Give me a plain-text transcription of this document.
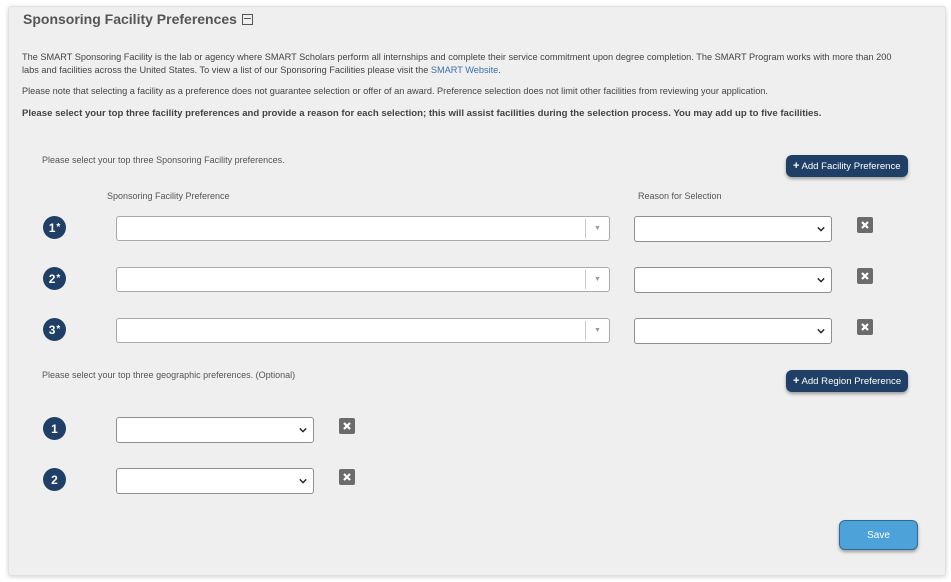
Sponsoring Facility Preferences
The SMART Sponsoring Facility is the lab or agency where SMART Scholars perform all internships and complete their service commitment upon degree completion. The SMART Program works with more than 200 labs and facilities across the United States. To view a list of our Sponsoring Facilities please visit the SMART Website.
Please note that selecting a facility as a preference does not guarantee selection or offer of an award. Preference selection does not limit other facilities from reviewing your application.
Please select your top three facility preferences and provide a reason for each selection; this will assist facilities during the selection process. You may add up to five facilities.
Please select your top three Sponsoring Facility preferences.	+ Add Facility Preference
Sponsoring Facility Preference	Reason for Selection
1 *	▼
2 *	▼
3 *	▼
Please select your top three geographic preferences. (Optional)	+ Add Region Preference
1
2
Save
